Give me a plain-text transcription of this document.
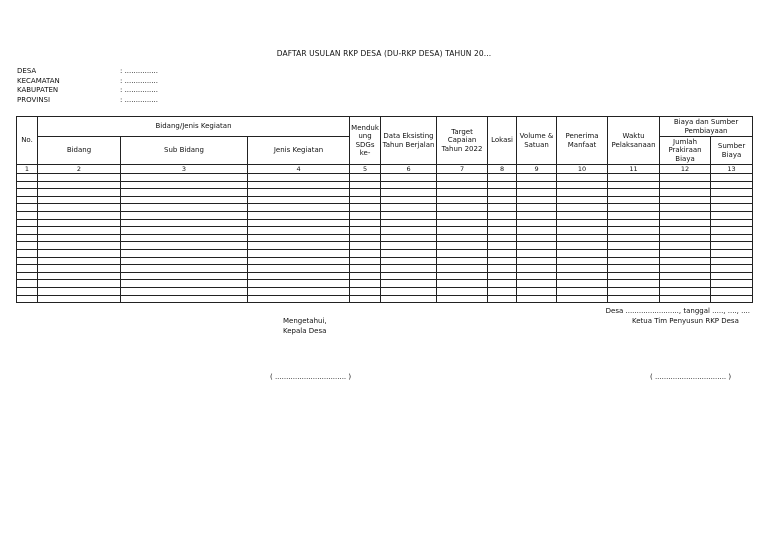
DAFTAR USULAN RKP DESA (DU-RKP DESA) TAHUN 20...
DESA	: ...............
KECAMATAN	: ...............
KABUPATEN	: ...............
PROVINSI	: ...............
No.	Bidang/Jenis Kegiatan			Menduk ung SDGs ke-	Data Eksisting Tahun Berjalan	Target Capaian Tahun 2022	Lokasi	Volume & Satuan	Penerima Manfaat	Waktu Pelaksanaan	Biaya dan Sumber Pembiayaan	
	Bidang	Sub Bidang	Jenis Kegiatan								Jumlah Prakiraan Biaya	Sumber Biaya
1	2	3	4	5	6	7	8	9	10	11	12	13

Desa ........................, tanggal ....., ...., ....
Mengetahui,
Kepala Desa
Ketua Tim Penyusun RKP Desa
( ................................ )	( ................................ )
